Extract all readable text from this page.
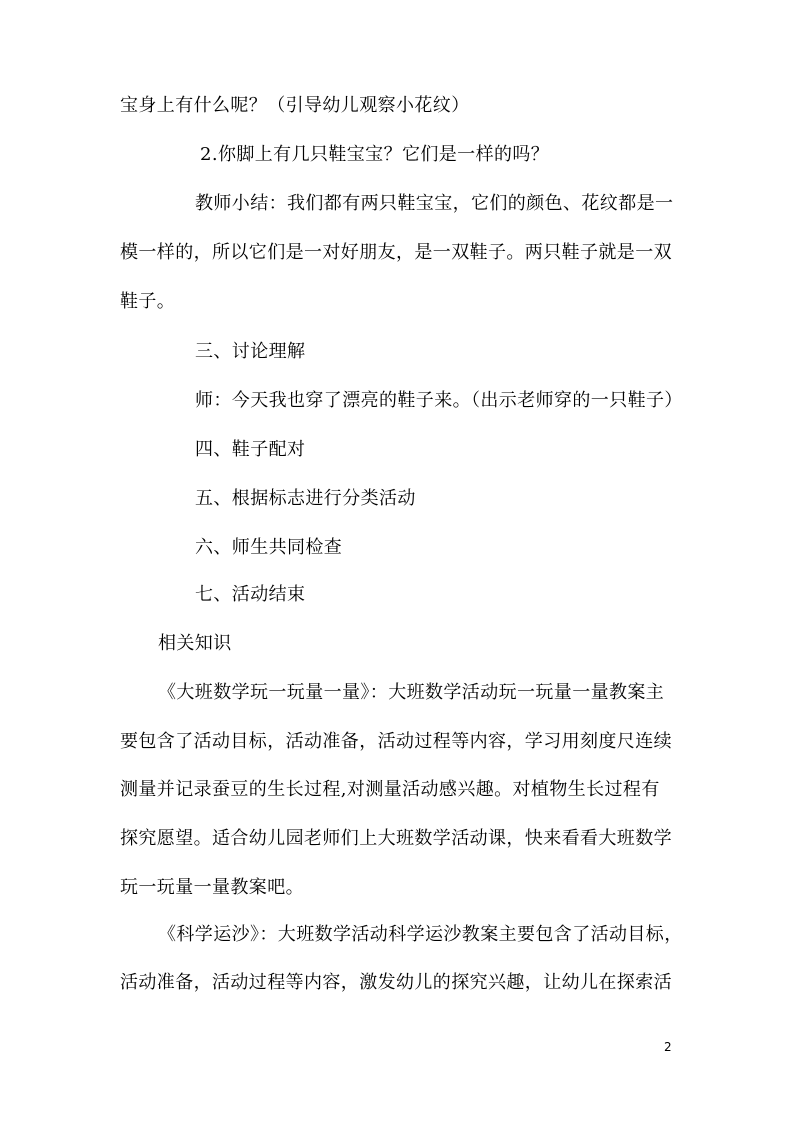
宝身上有什么呢？（引导幼儿观察小花纹）
2.你脚上有几只鞋宝宝？它们是一样的吗？
教师小结：我们都有两只鞋宝宝，它们的颜色、花纹都是一
模一样的，所以它们是一对好朋友，是一双鞋子。两只鞋子就是一双
鞋子。
三、讨论理解
师：今天我也穿了漂亮的鞋子来。（出示老师穿的一只鞋子）
四、鞋子配对
五、根据标志进行分类活动
六、师生共同检查
七、活动结束
相关知识
《大班数学玩一玩量一量》：大班数学活动玩一玩量一量教案主
要包含了活动目标，活动准备，活动过程等内容，学习用刻度尺连续
测量并记录蚕豆的生长过程,对测量活动感兴趣。对植物生长过程有
探究愿望。适合幼儿园老师们上大班数学活动课，快来看看大班数学
玩一玩量一量教案吧。
《科学运沙》：大班数学活动科学运沙教案主要包含了活动目标，
活动准备，活动过程等内容，激发幼儿的探究兴趣，让幼儿在探索活
2
